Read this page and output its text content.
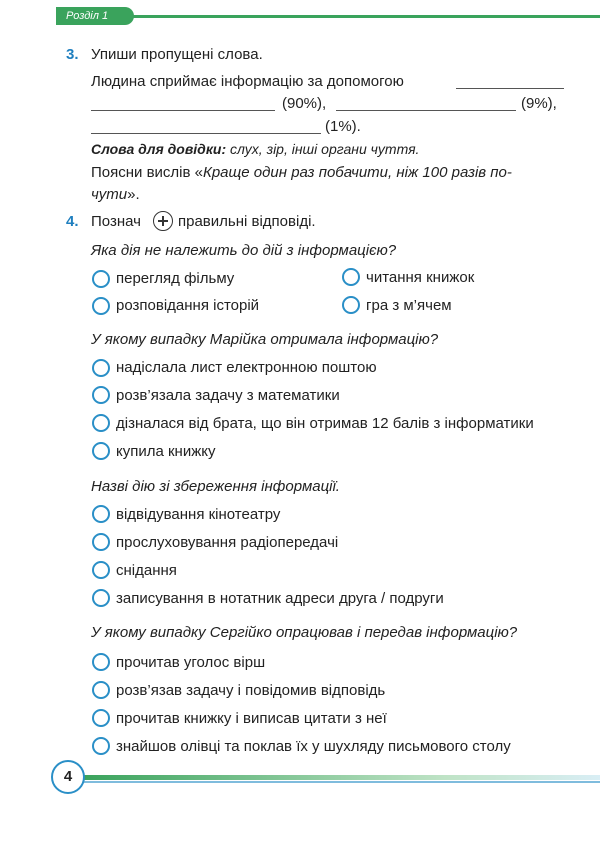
Розділ 1
3. Упиши пропущені слова.
Людина сприймає інформацію за допомогою
(90%),	(9%),
(1%).
Слова для довідки: слух, зір, інші органи чуття.
Поясни вислів «Краще один раз побачити, ніж 100 разів по-
чути».
4. Познач правильні відповіді.
Яка дія не належить до дій з інформацією?
перегляд фільму	читання книжок
розповідання історій	гра з м’ячем
У якому випадку Марійка отримала інформацію?
надіслала лист електронною поштою
розв’язала задачу з математики
дізналася від брата, що він отримав 12 балів з інформатики
купила книжку
Назві дію зі збереження інформації.
відвідування кінотеатру
прослуховування радіопередачі
снідання
записування в нотатник адреси друга / подруги
У якому випадку Сергійко опрацював і передав інформацію?
прочитав уголос вірш
розв’язав задачу і повідомив відповідь
прочитав книжку і виписав цитати з неї
знайшов олівці та поклав їх у шухляду письмового столу
4
